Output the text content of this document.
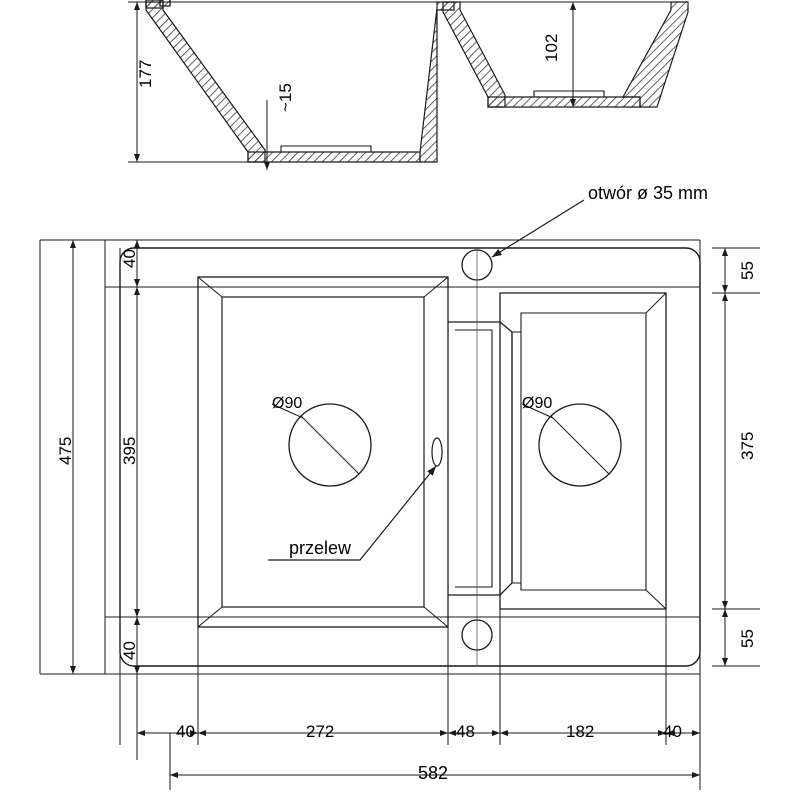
177
~15
102
otwór ø 35 mm
przelew
40
475	395
40
55
375
55
40	272	48	182	40
582
Ø90	Ø90
